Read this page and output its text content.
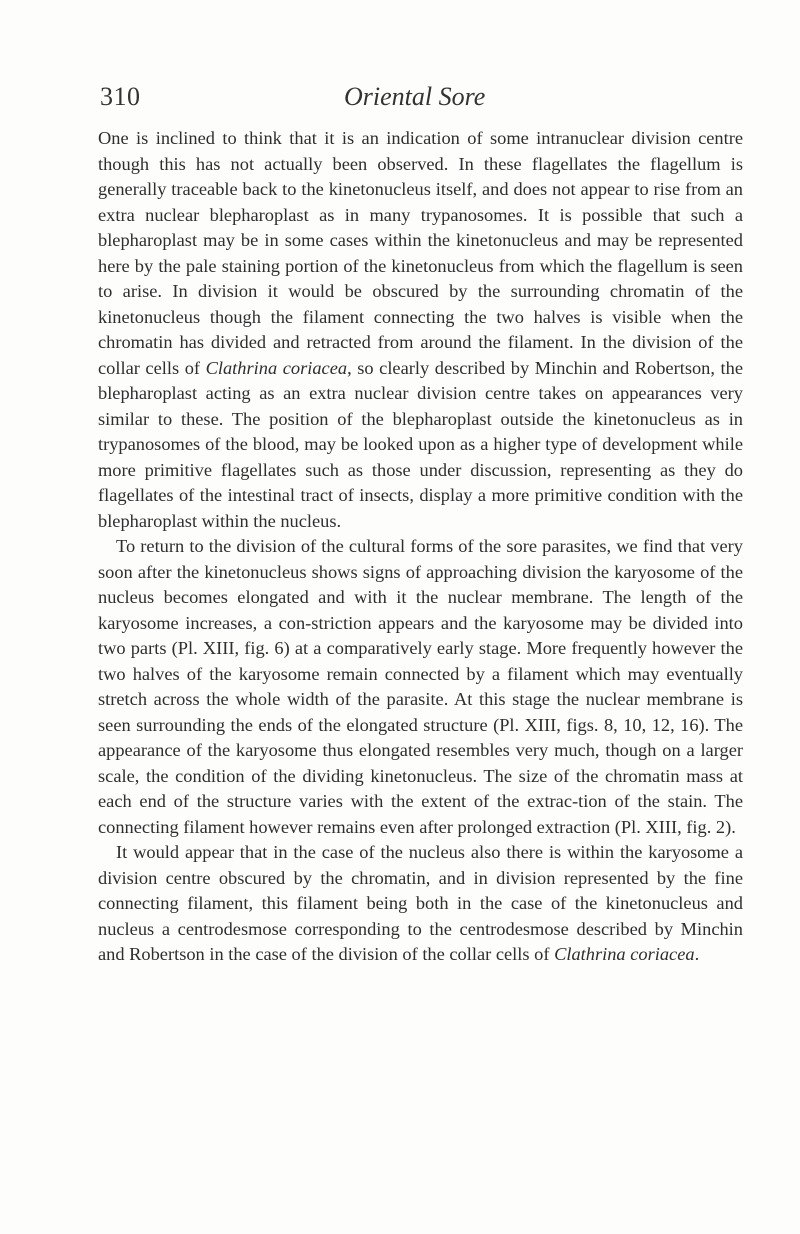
310	Oriental Sore

One is inclined to think that it is an indication of some intranuclear division centre though this has not actually been observed. In these flagellates the flagellum is generally traceable back to the kinetonucleus itself, and does not appear to rise from an extra nuclear blepharoplast as in many trypanosomes. It is possible that such a blepharoplast may be in some cases within the kinetonucleus and may be represented here by the pale staining portion of the kinetonucleus from which the flagellum is seen to arise. In division it would be obscured by the surrounding chromatin of the kinetonucleus though the filament connecting the two halves is visible when the chromatin has divided and retracted from around the filament. In the division of the collar cells of Clathrina coriacea, so clearly described by Minchin and Robertson, the blepharoplast acting as an extra nuclear division centre takes on appearances very similar to these. The position of the blepharoplast outside the kinetonucleus as in trypanosomes of the blood, may be looked upon as a higher type of development while more primitive flagellates such as those under discussion, representing as they do flagellates of the intestinal tract of insects, display a more primitive condition with the blepharoplast within the nucleus.

To return to the division of the cultural forms of the sore parasites, we find that very soon after the kinetonucleus shows signs of approaching division the karyosome of the nucleus becomes elongated and with it the nuclear membrane. The length of the karyosome increases, a con-striction appears and the karyosome may be divided into two parts (Pl. XIII, fig. 6) at a comparatively early stage. More frequently however the two halves of the karyosome remain connected by a filament which may eventually stretch across the whole width of the parasite. At this stage the nuclear membrane is seen surrounding the ends of the elongated structure (Pl. XIII, figs. 8, 10, 12, 16). The appearance of the karyosome thus elongated resembles very much, though on a larger scale, the condition of the dividing kinetonucleus. The size of the chromatin mass at each end of the structure varies with the extent of the extrac-tion of the stain. The connecting filament however remains even after prolonged extraction (Pl. XIII, fig. 2).

It would appear that in the case of the nucleus also there is within the karyosome a division centre obscured by the chromatin, and in division represented by the fine connecting filament, this filament being both in the case of the kinetonucleus and nucleus a centrodesmose corresponding to the centrodesmose described by Minchin and Robertson in the case of the division of the collar cells of Clathrina coriacea.
